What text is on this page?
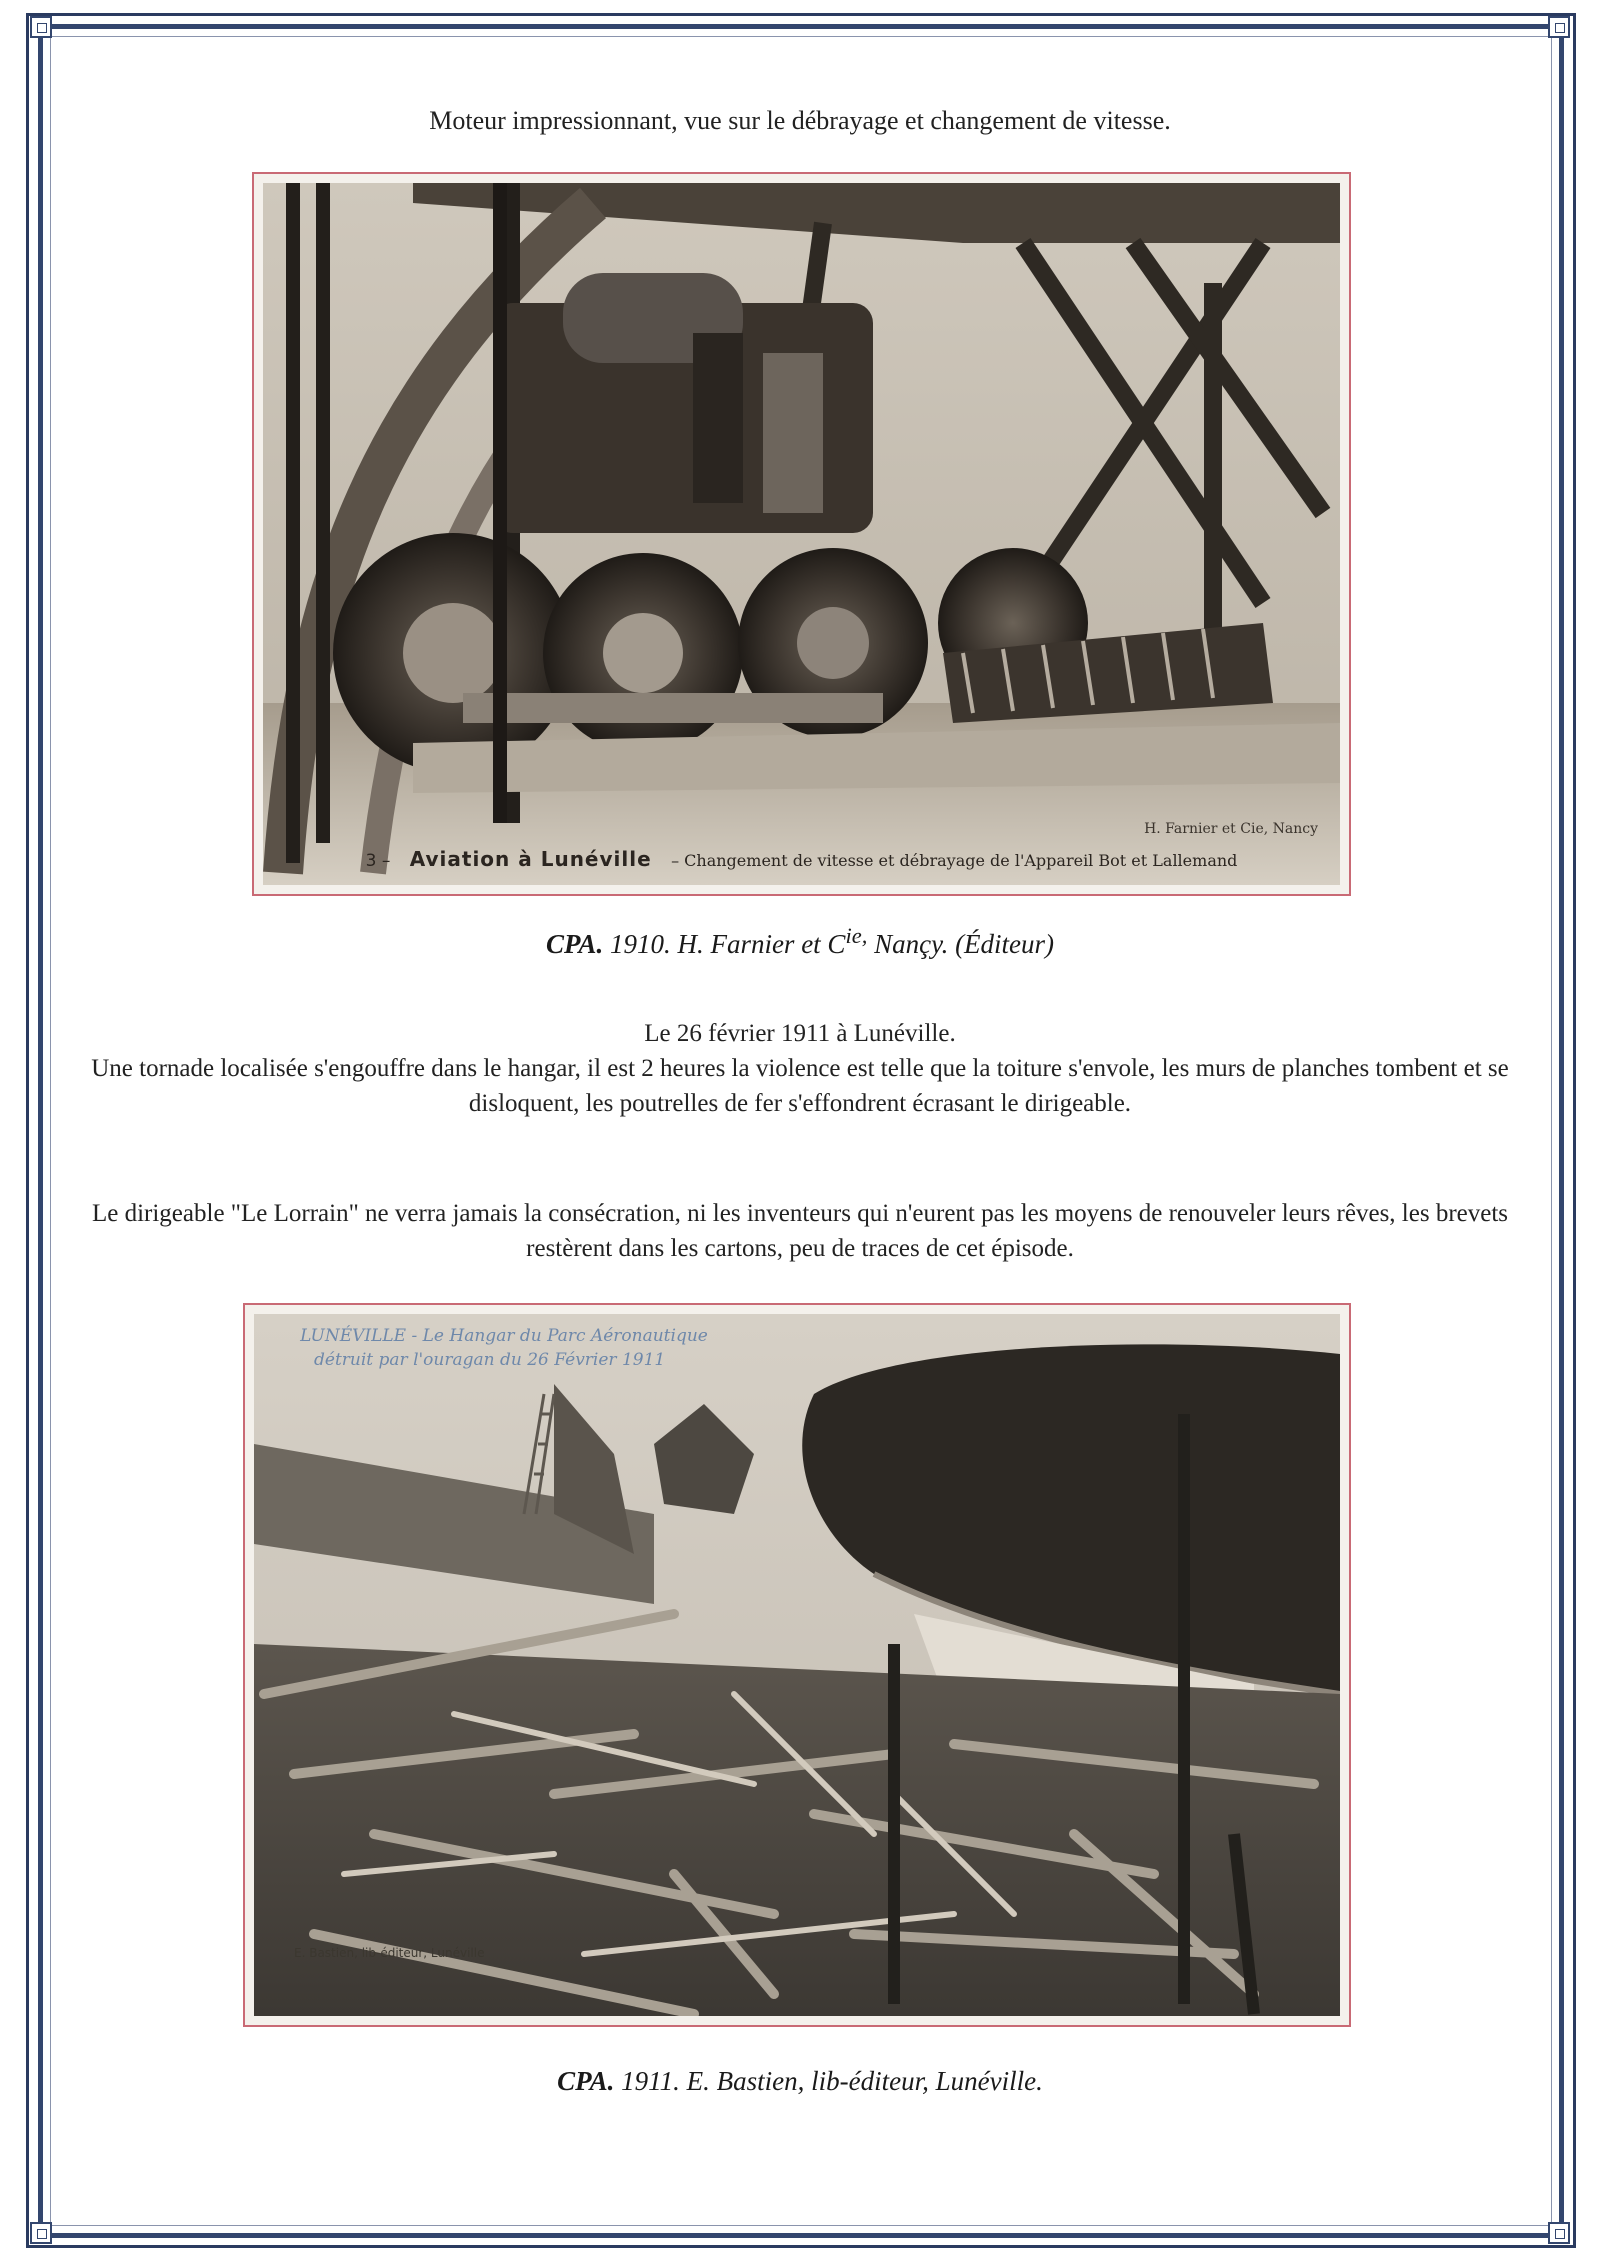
Moteur impressionnant, vue sur le débrayage et changement de vitesse.
H. Farnier et Cie, Nancy
3 – Aviation à Lunéville – Changement de vitesse et débrayage de l'Appareil Bot et Lallemand
CPA. 1910. H. Farnier et $C^{ie,}$ Nançy. (Éditeur)
Le 26 février 1911 à Lunéville.
Une tornade localisée s'engouffre dans le hangar, il est 2 heures la violence est telle que la toiture s'envole, les murs de planches tombent et se disloquent, les poutrelles de fer s'effondrent écrasant le dirigeable.
Le dirigeable "Le Lorrain" ne verra jamais la consécration, ni les inventeurs qui n'eurent pas les moyens de renouveler leurs rêves, les brevets restèrent dans les cartons, peu de traces de cet épisode.
LUNÉVILLE - Le Hangar du Parc Aéronautique
détruit par l'ouragan du 26 Février 1911
E. Bastien, lib-éditeur, Lunéville
CPA. 1911. E. Bastien, lib-éditeur, Lunéville.
